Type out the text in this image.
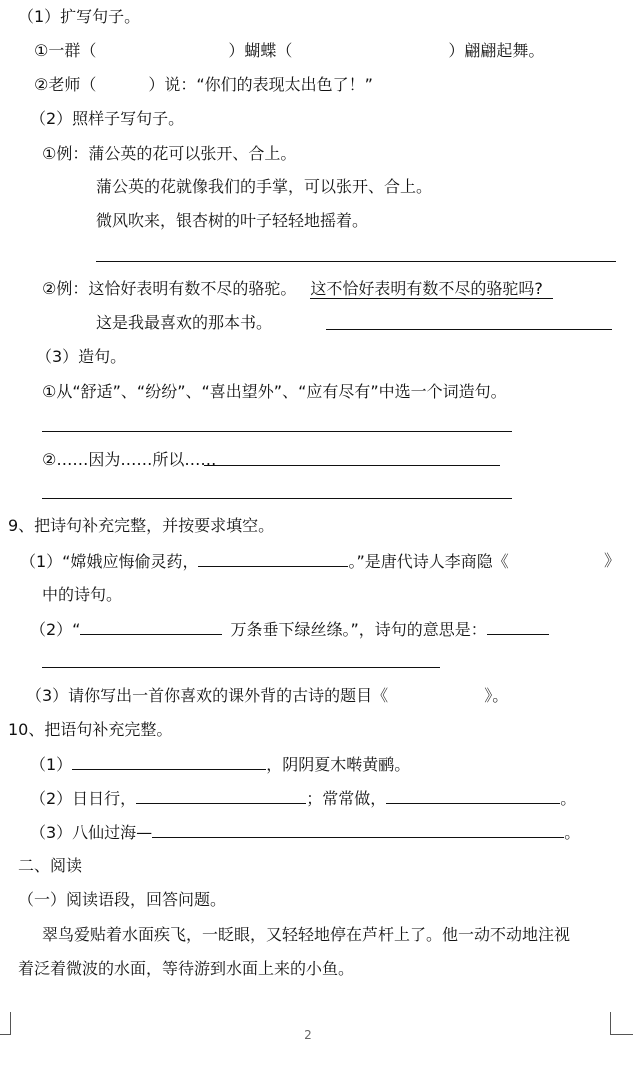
（1）扩写句子。
①一群（	）蝴蝶（	）翩翩起舞。
②老师（	）说：“你们的表现太出色了！”
（2）照样子写句子。
①例：蒲公英的花可以张开、合上。
蒲公英的花就像我们的手掌，可以张开、合上。
微风吹来，银杏树的叶子轻轻地摇着。
②例：这恰好表明有数不尽的骆驼。 这不恰好表明有数不尽的骆驼吗?
这是我最喜欢的那本书。
（3）造句。
①从“舒适”、“纷纷”、“喜出望外”、“应有尽有”中选一个词造句。
②……因为……所以……
9、把诗句补充完整，并按要求填空。
（1）“嫦娥应悔偷灵药，	。”是唐代诗人李商隐《	》
中的诗句。
（2）“	万条垂下绿丝绦。”，诗句的意思是：
（3）请你写出一首你喜欢的课外背的古诗的题目《	》。
10、把语句补充完整。
（1）	，阴阴夏木啭黄鹂。
（2）日日行，	；常常做，	。
（3）八仙过海—	。
二、阅读
（一）阅读语段，回答问题。
翠鸟爱贴着水面疾飞，一眨眼，又轻轻地停在芦杆上了。他一动不动地注视
着泛着微波的水面，等待游到水面上来的小鱼。
2
